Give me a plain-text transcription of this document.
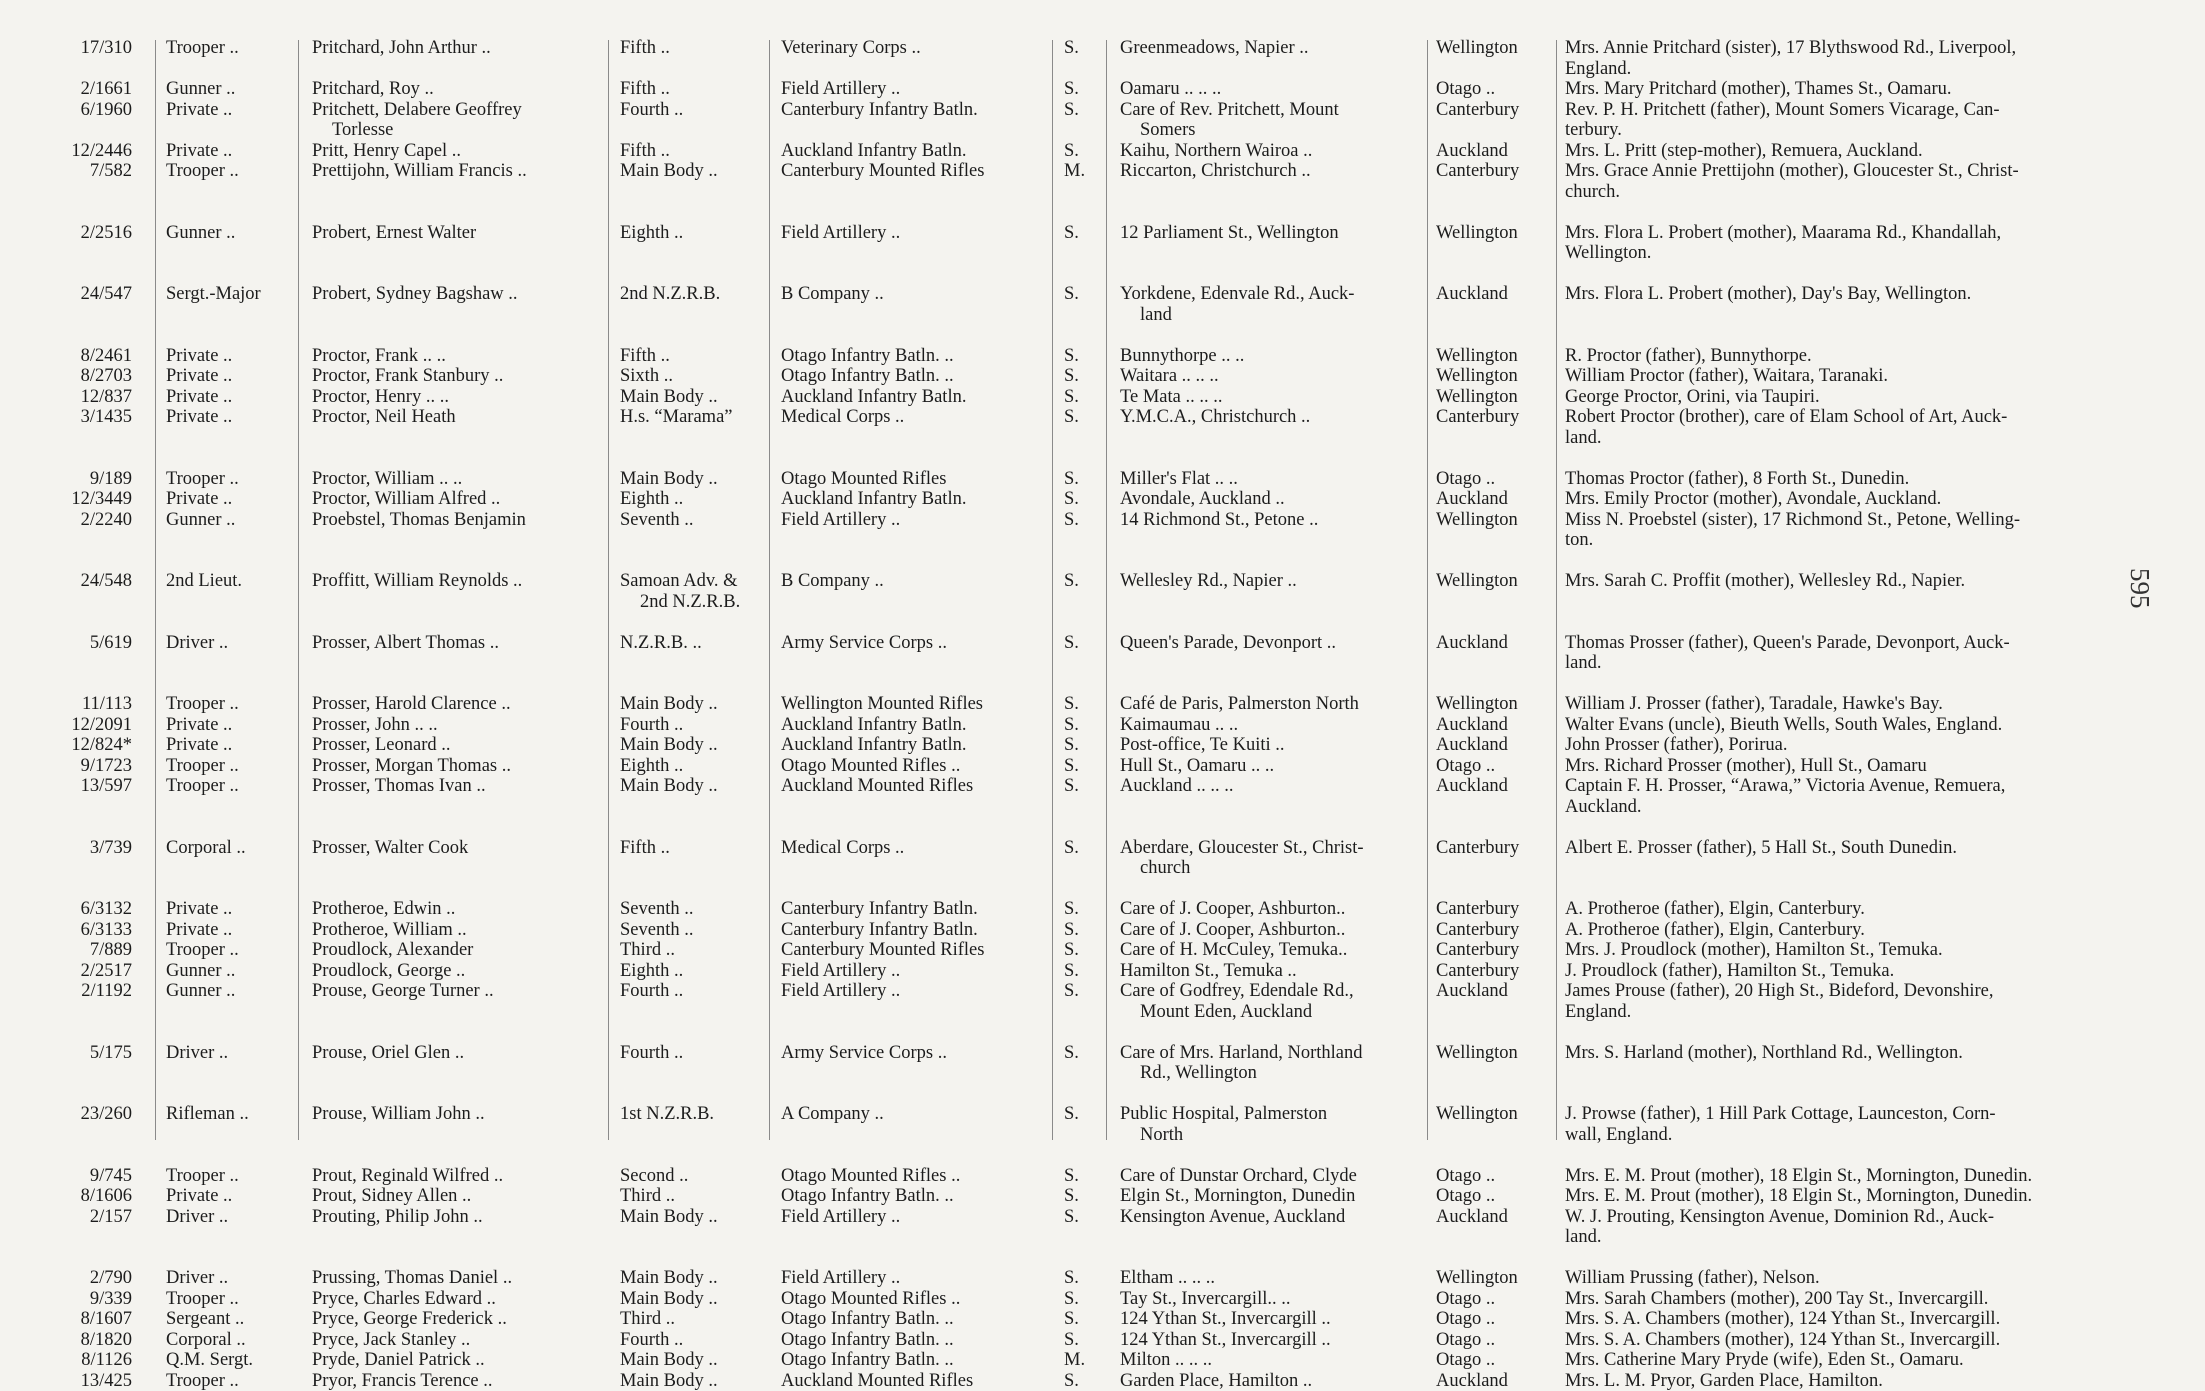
17/310 Trooper ..	Pritchard, John Arthur ..	Fifth ..	Veterinary Corps ..	S. Greenmeadows, Napier ..	Wellington	Mrs. Annie Pritchard (sister), 17 Blythswood Rd., Liverpool,
England.
2/1661 Gunner ..	Pritchard, Roy ..	Fifth ..	Field Artillery ..	S. Oamaru .. .. ..	Otago ..	Mrs. Mary Pritchard (mother), Thames St., Oamaru.
6/1960 Private ..	Pritchett, Delabere Geoffrey
Torlesse
Fourth ..	Canterbury Infantry Batln.	S. Care of Rev. Pritchett, Mount
Somers
Canterbury Rev. P. H. Pritchett (father), Mount Somers Vicarage, Can-
terbury.
12/2446 Private ..	Pritt, Henry Capel ..	Fifth ..	Auckland Infantry Batln.	S. Kaihu, Northern Wairoa ..	Auckland	Mrs. L. Pritt (step-mother), Remuera, Auckland.
7/582 Trooper ..	Prettijohn, William Francis ..	Main Body ..	Canterbury Mounted Rifles	M. Riccarton, Christchurch ..	Canterbury Mrs. Grace Annie Prettijohn (mother), Gloucester St., Christ-
church.
2/2516 Gunner ..	Probert, Ernest Walter	Eighth ..	Field Artillery ..	S. 12 Parliament St., Wellington	Wellington	Mrs. Flora L. Probert (mother), Maarama Rd., Khandallah,
Wellington.
24/547 Sergt.-Major	Probert, Sydney Bagshaw ..	2nd N.Z.R.B.	B Company ..	S. Yorkdene, Edenvale Rd., Auck-
land
Auckland	Mrs. Flora L. Probert (mother), Day's Bay, Wellington.
8/2461 Private ..	Proctor, Frank .. ..	Fifth ..	Otago Infantry Batln. ..	S. Bunnythorpe .. ..	Wellington	R. Proctor (father), Bunnythorpe.
8/2703 Private ..	Proctor, Frank Stanbury ..	Sixth ..	Otago Infantry Batln. ..	S. Waitara .. .. ..	Wellington	William Proctor (father), Waitara, Taranaki.
12/837 Private ..	Proctor, Henry .. ..	Main Body ..	Auckland Infantry Batln.	S. Te Mata .. .. ..	Wellington	George Proctor, Orini, via Taupiri.
3/1435 Private ..	Proctor, Neil Heath	H.s. “Marama”	Medical Corps ..	S. Y.M.C.A., Christchurch ..	Canterbury Robert Proctor (brother), care of Elam School of Art, Auck-
land.
9/189 Trooper ..	Proctor, William .. ..	Main Body ..	Otago Mounted Rifles	S. Miller's Flat .. ..	Otago ..	Thomas Proctor (father), 8 Forth St., Dunedin.
12/3449 Private ..	Proctor, William Alfred ..	Eighth ..	Auckland Infantry Batln.	S. Avondale, Auckland ..	Auckland	Mrs. Emily Proctor (mother), Avondale, Auckland.
2/2240 Gunner ..	Proebstel, Thomas Benjamin	Seventh ..	Field Artillery ..	S. 14 Richmond St., Petone ..	Wellington	Miss N. Proebstel (sister), 17 Richmond St., Petone, Welling-
ton.
24/548 2nd Lieut.	Proffitt, William Reynolds ..	Samoan Adv. &
2nd N.Z.R.B.
B Company ..	S. Wellesley Rd., Napier ..	Wellington	Mrs. Sarah C. Proffit (mother), Wellesley Rd., Napier.
5/619 Driver ..	Prosser, Albert Thomas ..	N.Z.R.B. ..	Army Service Corps ..	S. Queen's Parade, Devonport ..	Auckland	Thomas Prosser (father), Queen's Parade, Devonport, Auck-
land.
11/113 Trooper ..	Prosser, Harold Clarence ..	Main Body ..	Wellington Mounted Rifles	S. Café de Paris, Palmerston North	Wellington	William J. Prosser (father), Taradale, Hawke's Bay.
12/2091 Private ..	Prosser, John .. ..	Fourth ..	Auckland Infantry Batln.	S. Kaimaumau .. ..	Auckland	Walter Evans (uncle), Bieuth Wells, South Wales, England.
12/824* Private ..	Prosser, Leonard ..	Main Body ..	Auckland Infantry Batln.	S. Post-office, Te Kuiti ..	Auckland	John Prosser (father), Porirua.
9/1723 Trooper ..	Prosser, Morgan Thomas ..	Eighth ..	Otago Mounted Rifles ..	S. Hull St., Oamaru .. ..	Otago ..	Mrs. Richard Prosser (mother), Hull St., Oamaru
13/597 Trooper ..	Prosser, Thomas Ivan ..	Main Body ..	Auckland Mounted Rifles	S. Auckland .. .. ..	Auckland	Captain F. H. Prosser, “Arawa,” Victoria Avenue, Remuera,
Auckland.
3/739 Corporal ..	Prosser, Walter Cook	Fifth ..	Medical Corps ..	S. Aberdare, Gloucester St., Christ-
church
Canterbury Albert E. Prosser (father), 5 Hall St., South Dunedin.
6/3132 Private ..	Protheroe, Edwin ..	Seventh ..	Canterbury Infantry Batln.	S. Care of J. Cooper, Ashburton..	Canterbury A. Protheroe (father), Elgin, Canterbury.
6/3133 Private ..	Protheroe, William ..	Seventh ..	Canterbury Infantry Batln.	S. Care of J. Cooper, Ashburton..	Canterbury A. Protheroe (father), Elgin, Canterbury.
7/889 Trooper ..	Proudlock, Alexander	Third ..	Canterbury Mounted Rifles	S. Care of H. McCuley, Temuka..	Canterbury Mrs. J. Proudlock (mother), Hamilton St., Temuka.
2/2517 Gunner ..	Proudlock, George ..	Eighth ..	Field Artillery ..	S. Hamilton St., Temuka ..	Canterbury J. Proudlock (father), Hamilton St., Temuka.
2/1192 Gunner ..	Prouse, George Turner ..	Fourth ..	Field Artillery ..	S. Care of Godfrey, Edendale Rd.,
Mount Eden, Auckland
Auckland	James Prouse (father), 20 High St., Bideford, Devonshire,
England.
5/175 Driver ..	Prouse, Oriel Glen ..	Fourth ..	Army Service Corps ..	S. Care of Mrs. Harland, Northland
Rd., Wellington
Wellington	Mrs. S. Harland (mother), Northland Rd., Wellington.
23/260 Rifleman ..	Prouse, William John ..	1st N.Z.R.B.	A Company ..	S. Public Hospital, Palmerston
North
Wellington	J. Prowse (father), 1 Hill Park Cottage, Launceston, Corn-
wall, England.
9/745 Trooper ..	Prout, Reginald Wilfred ..	Second ..	Otago Mounted Rifles ..	S. Care of Dunstar Orchard, Clyde	Otago ..	Mrs. E. M. Prout (mother), 18 Elgin St., Mornington, Dunedin.
8/1606 Private ..	Prout, Sidney Allen ..	Third ..	Otago Infantry Batln. ..	S. Elgin St., Mornington, Dunedin	Otago ..	Mrs. E. M. Prout (mother), 18 Elgin St., Mornington, Dunedin.
2/157 Driver ..	Prouting, Philip John ..	Main Body ..	Field Artillery ..	S. Kensington Avenue, Auckland	Auckland	W. J. Prouting, Kensington Avenue, Dominion Rd., Auck-
land.
2/790 Driver ..	Prussing, Thomas Daniel ..	Main Body ..	Field Artillery ..	S. Eltham .. .. ..	Wellington	William Prussing (father), Nelson.
9/339 Trooper ..	Pryce, Charles Edward ..	Main Body ..	Otago Mounted Rifles ..	S. Tay St., Invercargill.. ..	Otago ..	Mrs. Sarah Chambers (mother), 200 Tay St., Invercargill.
8/1607 Sergeant ..	Pryce, George Frederick ..	Third ..	Otago Infantry Batln. ..	S. 124 Ythan St., Invercargill ..	Otago ..	Mrs. S. A. Chambers (mother), 124 Ythan St., Invercargill.
8/1820 Corporal ..	Pryce, Jack Stanley ..	Fourth ..	Otago Infantry Batln. ..	S. 124 Ythan St., Invercargill ..	Otago ..	Mrs. S. A. Chambers (mother), 124 Ythan St., Invercargill.
8/1126 Q.M. Sergt.	Pryde, Daniel Patrick ..	Main Body ..	Otago Infantry Batln. ..	M. Milton .. .. ..	Otago ..	Mrs. Catherine Mary Pryde (wife), Eden St., Oamaru.
13/425 Trooper ..	Pryor, Francis Terence ..	Main Body ..	Auckland Mounted Rifles	S. Garden Place, Hamilton ..	Auckland	Mrs. L. M. Pryor, Garden Place, Hamilton.
595
